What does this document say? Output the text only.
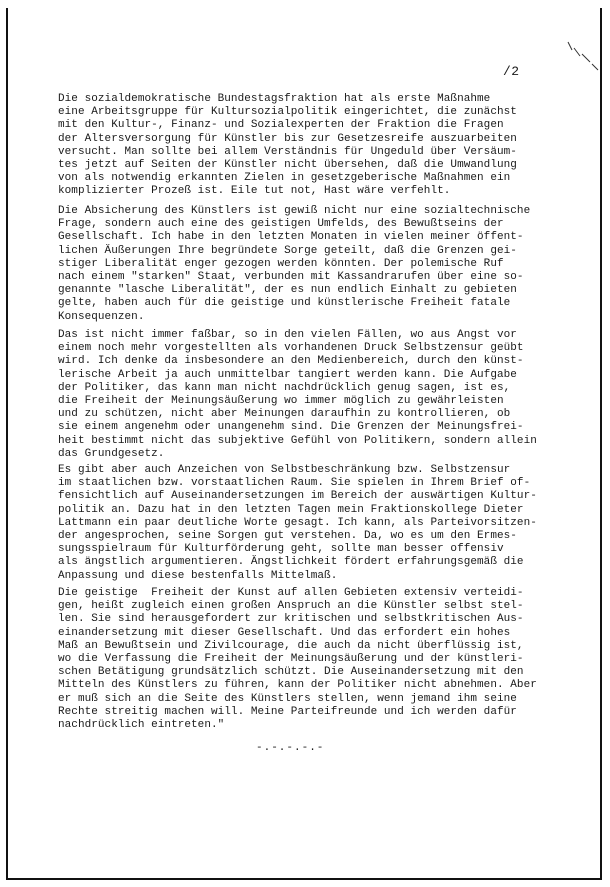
/2
Die sozialdemokratische Bundestagsfraktion hat als erste Maßnahme
eine Arbeitsgruppe für Kultursozialpolitik eingerichtet, die zunächst
mit den Kultur-, Finanz- und Sozialexperten der Fraktion die Fragen
der Altersversorgung für Künstler bis zur Gesetzesreife auszuarbeiten
versucht. Man sollte bei allem Verständnis für Ungeduld über Versäum-
tes jetzt auf Seiten der Künstler nicht übersehen, daß die Umwandlung
von als notwendig erkannten Zielen in gesetzgeberische Maßnahmen ein
komplizierter Prozeß ist. Eile tut not, Hast wäre verfehlt.
Die Absicherung des Künstlers ist gewiß nicht nur eine sozialtechnische
Frage, sondern auch eine des geistigen Umfelds, des Bewußtseins der
Gesellschaft. Ich habe in den letzten Monaten in vielen meiner öffent-
lichen Äußerungen Ihre begründete Sorge geteilt, daß die Grenzen gei-
stiger Liberalität enger gezogen werden könnten. Der polemische Ruf
nach einem "starken" Staat, verbunden mit Kassandrarufen über eine so-
genannte "lasche Liberalität", der es nun endlich Einhalt zu gebieten
gelte, haben auch für die geistige und künstlerische Freiheit fatale
Konsequenzen.
Das ist nicht immer faßbar, so in den vielen Fällen, wo aus Angst vor
einem noch mehr vorgestellten als vorhandenen Druck Selbstzensur geübt
wird. Ich denke da insbesondere an den Medienbereich, durch den künst-
lerische Arbeit ja auch unmittelbar tangiert werden kann. Die Aufgabe
der Politiker, das kann man nicht nachdrücklich genug sagen, ist es,
die Freiheit der Meinungsäußerung wo immer möglich zu gewährleisten
und zu schützen, nicht aber Meinungen daraufhin zu kontrollieren, ob
sie einem angenehm oder unangenehm sind. Die Grenzen der Meinungsfrei-
heit bestimmt nicht das subjektive Gefühl von Politikern, sondern allein
das Grundgesetz.
Es gibt aber auch Anzeichen von Selbstbeschränkung bzw. Selbstzensur
im staatlichen bzw. vorstaatlichen Raum. Sie spielen in Ihrem Brief of-
fensichtlich auf Auseinandersetzungen im Bereich der auswärtigen Kultur-
politik an. Dazu hat in den letzten Tagen mein Fraktionskollege Dieter
Lattmann ein paar deutliche Worte gesagt. Ich kann, als Parteivorsitzen-
der angesprochen, seine Sorgen gut verstehen. Da, wo es um den Ermes-
sungsspielraum für Kulturförderung geht, sollte man besser offensiv
als ängstlich argumentieren. Ängstlichkeit fördert erfahrungsgemäß die
Anpassung und diese bestenfalls Mittelmaß.
Die geistige  Freiheit der Kunst auf allen Gebieten extensiv verteidi-
gen, heißt zugleich einen großen Anspruch an die Künstler selbst stel-
len. Sie sind herausgefordert zur kritischen und selbstkritischen Aus-
einandersetzung mit dieser Gesellschaft. Und das erfordert ein hohes
Maß an Bewußtsein und Zivilcourage, die auch da nicht überflüssig ist,
wo die Verfassung die Freiheit der Meinungsäußerung und der künstleri-
schen Betätigung grundsätzlich schützt. Die Auseinandersetzung mit den
Mitteln des Künstlers zu führen, kann der Politiker nicht abnehmen. Aber
er muß sich an die Seite des Künstlers stellen, wenn jemand ihm seine
Rechte streitig machen will. Meine Parteifreunde und ich werden dafür
nachdrücklich eintreten."
-.-.-.-.-
